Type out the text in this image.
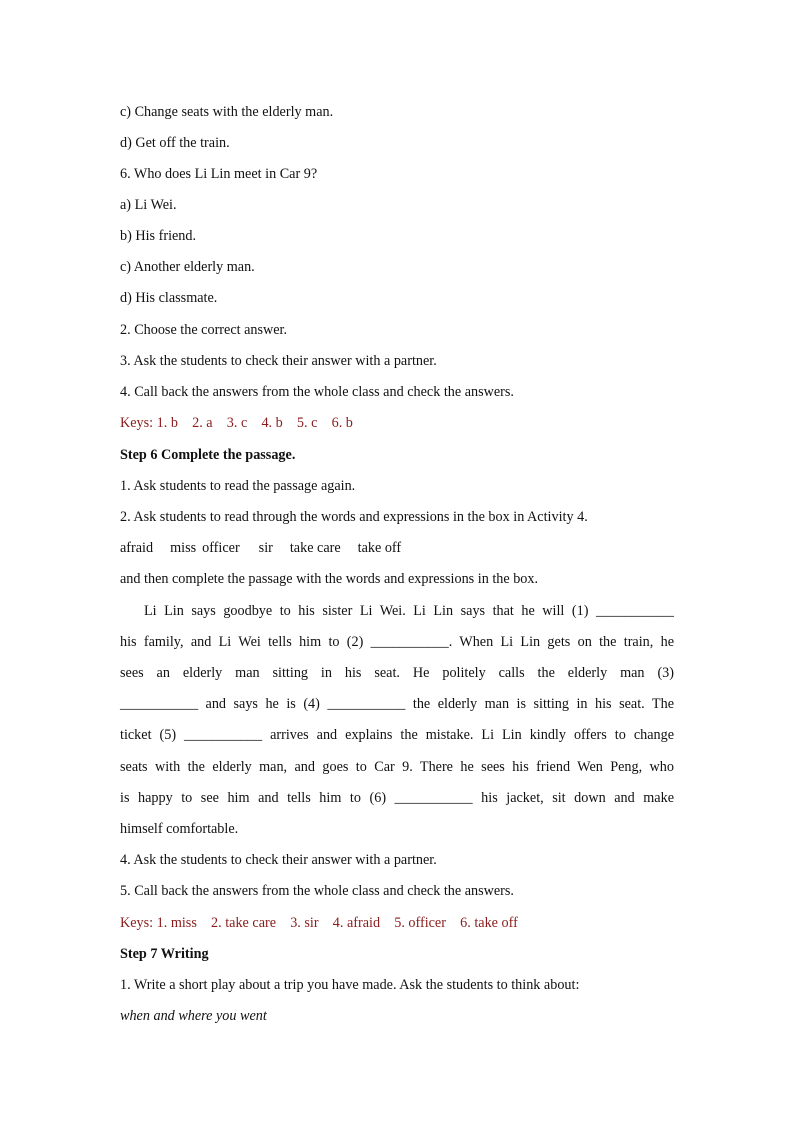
c) Change seats with the elderly man.
d) Get off the train.
6. Who does Li Lin meet in Car 9?
a) Li Wei.
b) His friend.
c) Another elderly man.
d) His classmate.
2. Choose the correct answer.
3. Ask the students to check their answer with a partner.
4. Call back the answers from the whole class and check the answers.
Keys: 1. b    2. a    3. c    4. b    5. c    6. b
Step 6 Complete the passage.
1. Ask students to read the passage again.
2. Ask students to read through the words and expressions in the box in Activity 4.
afraid miss officer sir take care take off
and then complete the passage with the words and expressions in the box.
Li Lin says goodbye to his sister Li Wei. Li Lin says that he will (1) ___________
his family, and Li Wei tells him to (2) ___________. When Li Lin gets on the train, he
sees an elderly man sitting in his seat. He politely calls the elderly man (3)
___________ and says he is (4) ___________ the elderly man is sitting in his seat. The
ticket (5) ___________ arrives and explains the mistake. Li Lin kindly offers to change
seats with the elderly man, and goes to Car 9. There he sees his friend Wen Peng, who
is happy to see him and tells him to (6) ___________ his jacket, sit down and make
himself comfortable.
4. Ask the students to check their answer with a partner.
5. Call back the answers from the whole class and check the answers.
Keys: 1. miss    2. take care    3. sir    4. afraid    5. officer    6. take off
Step 7 Writing
1. Write a short play about a trip you have made. Ask the students to think about:
when and where you went
